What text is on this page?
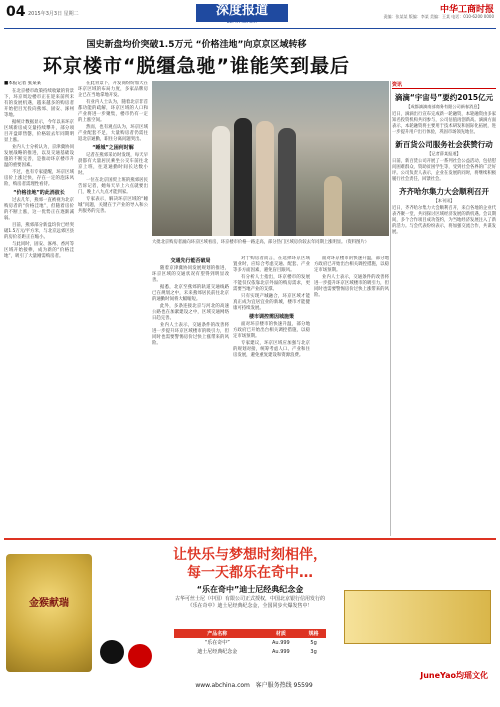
04 2015年3月3日 星期二	深度报道
DEPTH REPORT
中华工商时报
责编：张某某 版编：李某 美编：王某 电话：010-6200 0000
国史新盘均价突破1.5万元 “价格洼地”向京京区域转移
环京楼市“脱缰急驰”谁能笑到最后
■本报记者 张某某

在北京楼市政策持续收紧的背景下，环京周边楼市正在迎来前所未有的发展机遇，越来越多的购房者开始把目光投向燕郊、固安、涿州等地。

据统计数据显示，今年以来环京区域新房成交量持续攀升，部分项目开盘即售罄，价格较去年同期明显上涨。

业内人士分析认为，京津冀协同发展战略的推进，以及交通基础设施的不断完善，是推动环京楼市升温的重要因素。

不过，也有专家提醒，环京区域房价上涨过快，存在一定的泡沫风险，购房者需理性看待。

“价格洼地”的此消彼长

过去几年，燕郊一直被视为北京购房者的“价格洼地”，但随着房价的不断上涨，这一优势正在逐渐减弱。

目前，燕郊部分新盘均价已经突破1.5万元/平方米，与北京远郊区县的房价差距正在缩小。

与此同时，固安、涿州、香河等区域开始接棒，成为新的“价格洼地”，吸引了大量刚需购房者。

在此背景下，开发商纷纷加大在环京区域的布局力度，多家品牌房企已在当地拿地开发。

有业内人士认为，随着北京非首都功能的疏解，环京区域的人口和产业将进一步聚集，楼市仍有一定的上涨空间。

然而，也有观点认为，环京区域产业配套不足，大量购房者仍需往返北京通勤，职住分离问题突出。

“睡城”之困何时解

记者在燕郊采访时发现，每天早晨都有大量居民乘坐公交车前往北京上班，往返通勤时间长达数小时。

一位在北京国贸上班的燕郊居民告诉记者，她每天早上六点就要出门，晚上八九点才能到家。

专家表示，解决环京区域的“睡城”问题，关键在于产业的导入和公共服务的完善。

大批北京购房者涌向环京区域看房，环京楼市价格一路走高，部分热门区域房价较去年同期上涨明显。（资料图片）
交通先行能否破局

随着京津冀协同发展规划的推进，环京区域的交通状况有望得到明显改善。

据悉，北京至燕郊的轨道交通线路已在规划之中，未来燕郊居民前往北京的通勤时间将大幅缩短。

此外，多条连接北京与河北的高速公路也在加紧建设之中，区域交通网络日趋完善。

业内人士表示，交通条件的改善将进一步提升环京区域楼市的吸引力，但同时也需要警惕房价过快上涨带来的风险。

对于购房者而言，在选择环京区域置业时，应综合考虑交通、配套、产业等多方面因素，避免盲目跟风。

有分析人士指出，环京楼市的发展不能仅仅依靠北京外溢的购房需求，更需要当地产业的支撑。

只有实现产城融合，环京区域才能真正成为宜居宜业的新城，楼市才能健康可持续发展。

楼市调控需因城施策

面对环京楼市的快速升温，部分地方政府已开始出台相关调控措施，以稳定市场预期。

专家建议，环京区域应加强与北京的规划对接，统筹考虑人口、产业和住房发展，避免重复建设和资源浪费。

面对环京楼市的快速升温，部分地方政府已开始出台相关调控措施，以稳定市场预期。

业内人士表示，交通条件的改善将进一步提升环京区域楼市的吸引力，但同时也需要警惕房价过快上涨带来的风险。

资讯
滴滴“宇宙号”要约2015亿元
【成都滴滴南部商务有限公司新春消息】
近日，滴滴出行宣布完成新一轮融资，本轮融资由多家知名投资机构共同参与，公司估值再创新高。滴滴方面表示，本轮融资将主要用于技术研发和国际化拓展，进一步提升用户出行体验，巩固市场领先地位。
新百货公司服务社会获赞行动
【记者薛某报道】
日前，新百货公司开展了一系列社会公益活动，包括慰问困难群众、资助贫困学生等，受到社会各界的广泛好评。公司负责人表示，企业在发展的同时，将继续积极履行社会责任，回馈社会。
齐齐哈尔集力大会顺利召开
【本刊讯】
近日，齐齐哈尔集力大会顺利召开，来自各地的企业代表齐聚一堂，共同探讨区域经济发展的新机遇。会议期间，多个合作项目成功签约，为当地经济发展注入了新的活力。与会代表纷纷表示，将加强交流合作，共谋发展。
金猴献瑞
让快乐与梦想时刻相伴，
每一天都乐在奇中…
“乐在奇中”迪士尼经典纪念金
古华可丝士尼（中国）有限公司正式授权，中国北京银行信用发行的《乐在奇中》迪士尼经典纪念金，全国同步火爆发售中！
产品名称	材质	规格
“乐在奇中”	Au.999	5g
迪士尼经典纪念金	Au.999	3g
www.abchina.com 客户服务热线 95599
JuneYao均瑶文化
